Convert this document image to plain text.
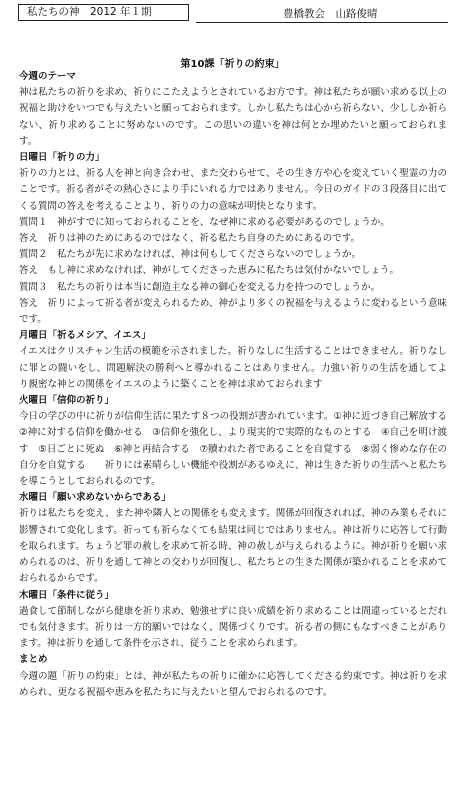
私たちの神　2012 年１期	豊橋教会　山路俊晴
第10課「祈りの約束」
今週のテーマ

神は私たちの祈りを求め、祈りにこたえようとされているお方です。神は私たちが願い求める以上の祝福と助けをいつでも与えたいと願っておられます。しかし私たちは心から祈らない、少ししか祈らない、祈り求めることに努めないのです。この思いの違いを神は何とか埋めたいと願っておられます。

日曜日「祈りの力」

祈りの力とは、祈る人を神と向き合わせ、また交わらせて、その生き方や心を変えていく聖霊の力のことです。祈る者がその熱心さにより手にいれる力ではありません。今日のガイドの３段落目に出てくる質問の答えを考えることより、祈りの力の意味が明快となります。

質問１　神がすでに知っておられることを、なぜ神に求める必要があるのでしょうか。

答え　祈りは神のためにあるのではなく、祈る私たち自身のためにあるのです。

質問２　私たちが先に求めなければ、神は何もしてくださらないのでしょうか。

答え　もし神に求めなければ、神がしてくださった恵みに私たちは気付かないでしょう。

質問３　私たちの祈りは本当に創造主なる神の御心を変える力を持つのでしょうか。

答え　祈りによって祈る者が変えられるため、神がより多くの祝福を与えるように変わるという意味です。

月曜日「祈るメシア、イエス」

イエスはクリスチャン生活の模範を示されました。祈りなしに生活することはできません。祈りなしに罪との闘いをし、問題解決の勝利へと導かれることはありません。力強い祈りの生活を通してより親密な神との関係をイエスのように築くことを神は求めておられます

火曜日「信仰の祈り」

今日の学びの中に祈りが信仰生活に果たす８つの役割が書かれています。①神に近づき自己解放する　②神に対する信仰を働かせる　③信仰を強化し、より現実的で実際的なものとする　④自己を明け渡す　⑤日ごとに死ぬ　⑥神と再結合する　⑦贖われた者であることを自覚する　⑧弱く惨めな存在の自分を自覚する　　祈りには素晴らしい機能や役割があるゆえに、神は生きた祈りの生活へと私たちを導こうとしておられるのです。

水曜日「願い求めないからである」

祈りは私たちを変え、また神や隣人との関係をも変えます。関係が回復されれば、神のみ業もそれに影響されて変化します。祈っても祈らなくても結果は同じではありません。神は祈りに応答して行動を取られます。ちょうど罪の赦しを求めて祈る時、神の赦しが与えられるように。神が祈りを願い求められるのは、祈りを通して神との交わりが回復し、私たちとの生きた関係が築かれることを求めておられるからです。

木曜日「条件に従う」

過食して節制しながら健康を祈り求め、勉強せずに良い成績を祈り求めることは間違っているとだれでも気付きます。祈りは一方的願いではなく、関係づくりです。祈る者の側にもなすべきことがあります。神は祈りを通して条件を示され、従うことを求められます。

まとめ

今週の題「祈りの約束」とは、神が私たちの祈りに確かに応答してくださる約束です。神は祈りを求められ、更なる祝福や恵みを私たちに与えたいと望んでおられるのです。
